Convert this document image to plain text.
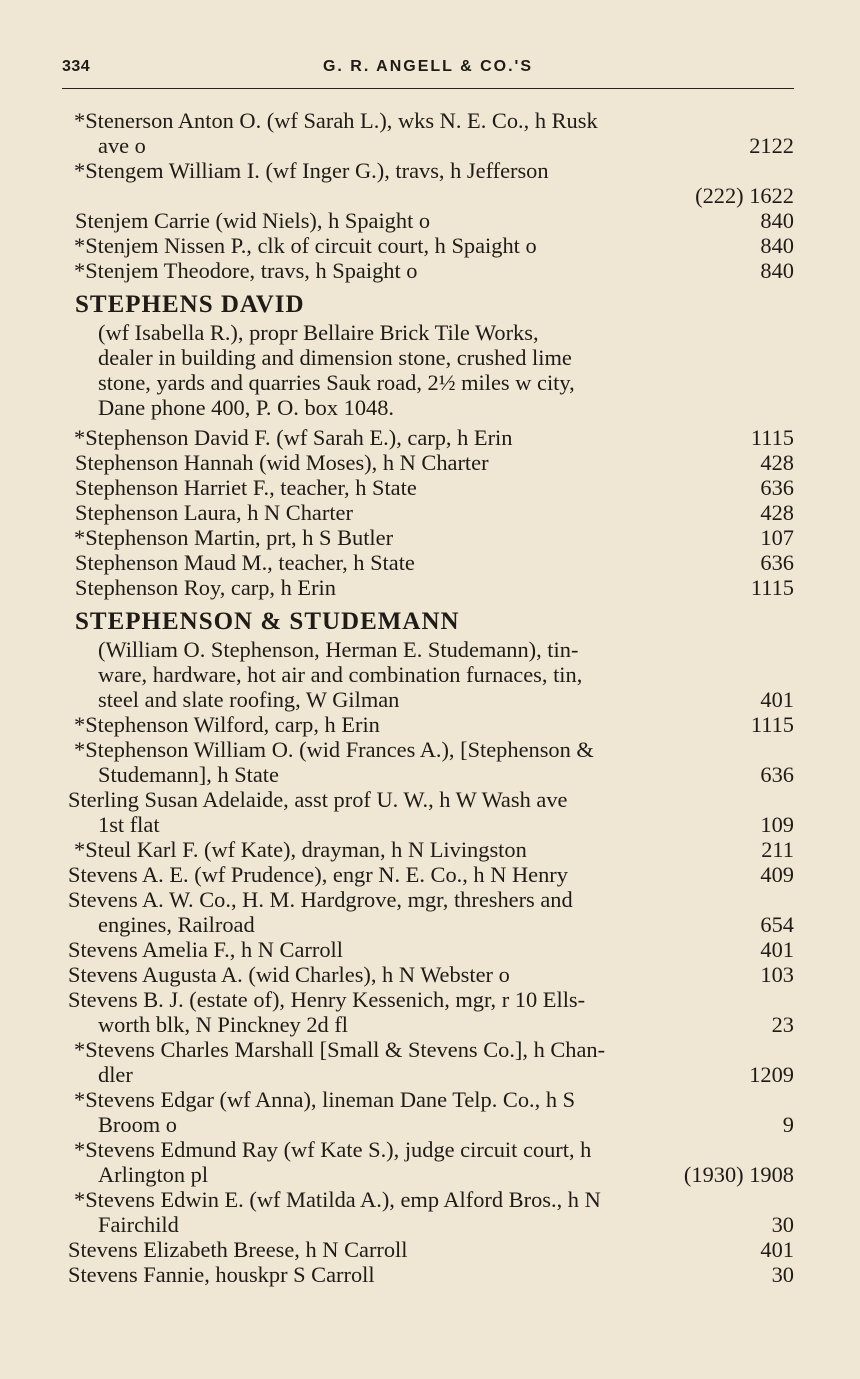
334	G. R. ANGELL & CO.'S
*Stenerson Anton O. (wf Sarah L.), wks N. E. Co., h Rusk
ave o	2122
*Stengem William I. (wf Inger G.), travs, h Jefferson
(222) 1622
Stenjem Carrie (wid Niels), h Spaight o	840
*Stenjem Nissen P., clk of circuit court, h Spaight o	840
*Stenjem Theodore, travs, h Spaight o	840
STEPHENS DAVID
(wf Isabella R.), propr Bellaire Brick Tile Works,
dealer in building and dimension stone, crushed lime
stone, yards and quarries Sauk road, 2½ miles w city,
Dane phone 400, P. O. box 1048.
*Stephenson David F. (wf Sarah E.), carp, h Erin	1115
Stephenson Hannah (wid Moses), h N Charter	428
Stephenson Harriet F., teacher, h State	636
Stephenson Laura, h N Charter	428
*Stephenson Martin, prt, h S Butler	107
Stephenson Maud M., teacher, h State	636
Stephenson Roy, carp, h Erin	1115
STEPHENSON & STUDEMANN
(William O. Stephenson, Herman E. Studemann), tin-
ware, hardware, hot air and combination furnaces, tin,
steel and slate roofing, W Gilman	401
*Stephenson Wilford, carp, h Erin	1115
*Stephenson William O. (wid Frances A.), [Stephenson &
Studemann], h State	636
Sterling Susan Adelaide, asst prof U. W., h W Wash ave
1st flat	109
*Steul Karl F. (wf Kate), drayman, h N Livingston	211
Stevens A. E. (wf Prudence), engr N. E. Co., h N Henry	409
Stevens A. W. Co., H. M. Hardgrove, mgr, threshers and
engines, Railroad	654
Stevens Amelia F., h N Carroll	401
Stevens Augusta A. (wid Charles), h N Webster o	103
Stevens B. J. (estate of), Henry Kessenich, mgr, r 10 Ells-
worth blk, N Pinckney 2d fl	23
*Stevens Charles Marshall [Small & Stevens Co.], h Chan-
dler	1209
*Stevens Edgar (wf Anna), lineman Dane Telp. Co., h S
Broom o	9
*Stevens Edmund Ray (wf Kate S.), judge circuit court, h
Arlington pl	(1930) 1908
*Stevens Edwin E. (wf Matilda A.), emp Alford Bros., h N
Fairchild	30
Stevens Elizabeth Breese, h N Carroll	401
Stevens Fannie, houskpr S Carroll	30
